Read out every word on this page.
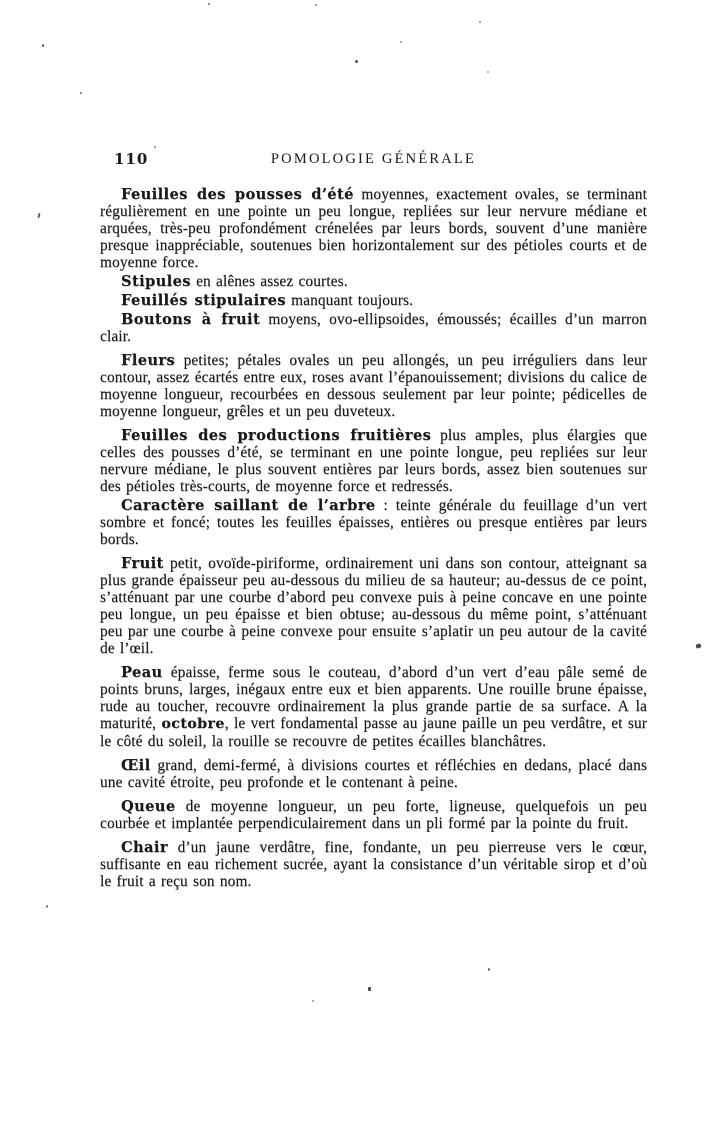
110	POMOLOGIE GÉNÉRALE

Feuilles des pousses d’été moyennes, exactement ovales, se terminant régulièrement en une pointe un peu longue, repliées sur leur nervure médiane et arquées, très-peu profondément crénelées par leurs bords, souvent d’une manière presque inappréciable, soutenues bien horizontalement sur des pétioles courts et de moyenne force.

Stipules en alênes assez courtes.

Feuillés stipulaires manquant toujours.

Boutons à fruit moyens, ovo-ellipsoides, émoussés; écailles d’un marron clair.

Fleurs petites; pétales ovales un peu allongés, un peu irréguliers dans leur contour, assez écartés entre eux, roses avant l’épanouissement; divisions du calice de moyenne longueur, recourbées en dessous seulement par leur pointe; pédicelles de moyenne longueur, grêles et un peu duveteux.

Feuilles des productions fruitières plus amples, plus élargies que celles des pousses d’été, se terminant en une pointe longue, peu repliées sur leur nervure médiane, le plus souvent entières par leurs bords, assez bien soutenues sur des pétioles très-courts, de moyenne force et redressés.

Caractère saillant de l’arbre : teinte générale du feuillage d’un vert sombre et foncé; toutes les feuilles épaisses, entières ou presque entières par leurs bords.

Fruit petit, ovoïde-piriforme, ordinairement uni dans son contour, atteignant sa plus grande épaisseur peu au-dessous du milieu de sa hauteur; au-dessus de ce point, s’atténuant par une courbe d’abord peu convexe puis à peine concave en une pointe peu longue, un peu épaisse et bien obtuse; au-dessous du même point, s’atténuant peu par une courbe à peine convexe pour ensuite s’aplatir un peu autour de la cavité de l’œil.

Peau épaisse, ferme sous le couteau, d’abord d’un vert d’eau pâle semé de points bruns, larges, inégaux entre eux et bien apparents. Une rouille brune épaisse, rude au toucher, recouvre ordinairement la plus grande partie de sa surface. A la maturité, octobre, le vert fondamental passe au jaune paille un peu verdâtre, et sur le côté du soleil, la rouille se recouvre de petites écailles blanchâtres.

Œil grand, demi-fermé, à divisions courtes et réfléchies en dedans, placé dans une cavité étroite, peu profonde et le contenant à peine.

Queue de moyenne longueur, un peu forte, ligneuse, quelquefois un peu courbée et implantée perpendiculairement dans un pli formé par la pointe du fruit.

Chair d’un jaune verdâtre, fine, fondante, un peu pierreuse vers le cœur, suffisante en eau richement sucrée, ayant la consistance d’un véritable sirop et d’où le fruit a reçu son nom.
